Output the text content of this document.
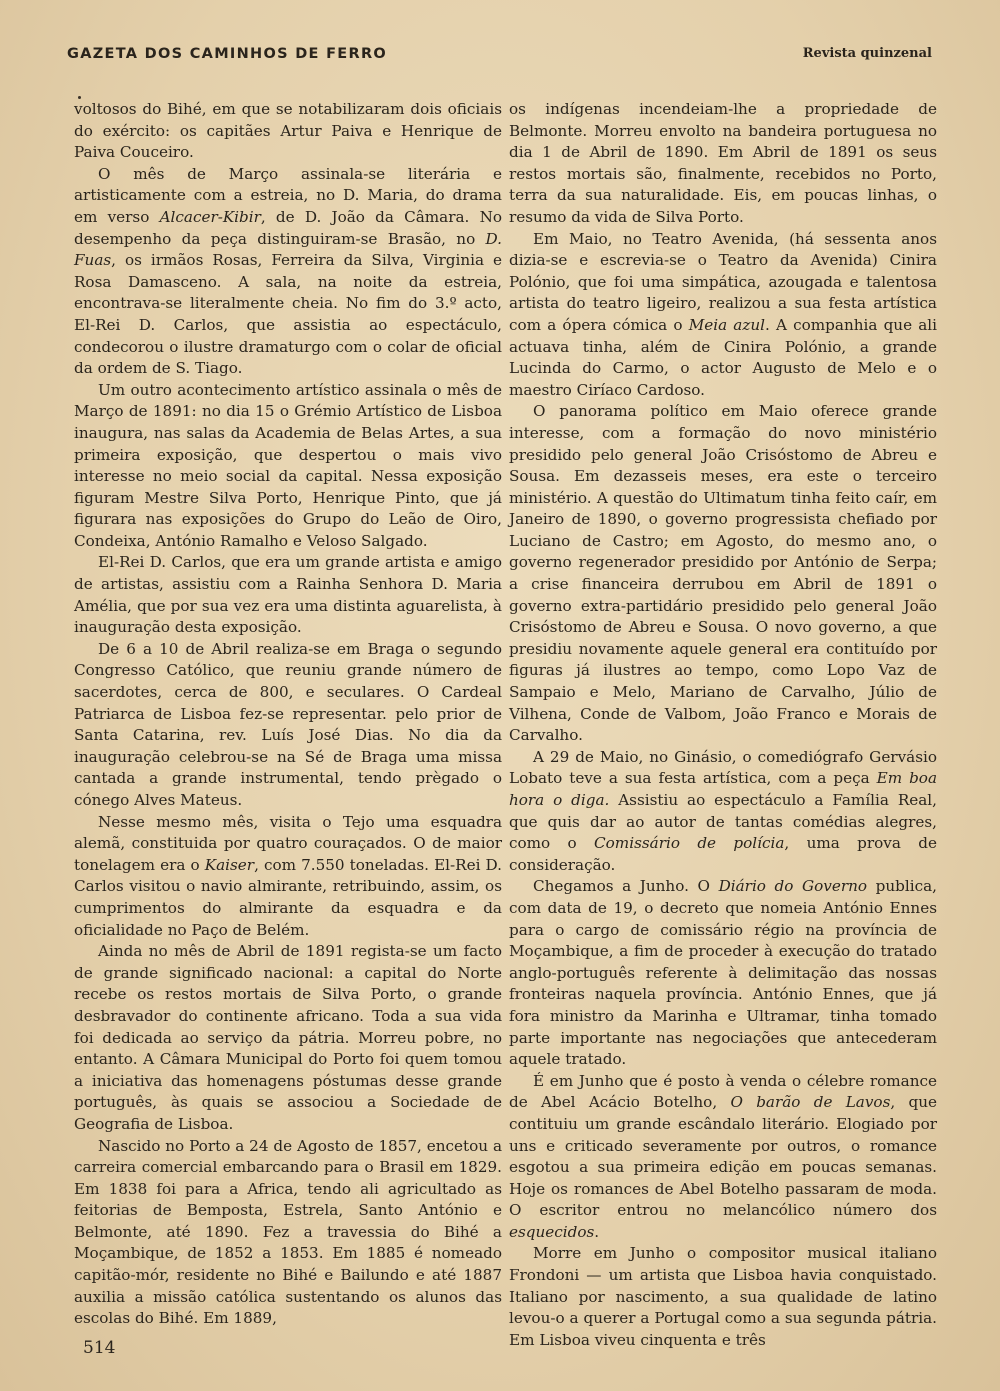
GAZETA DOS CAMINHOS DE FERRO	Revista quinzenal

voltosos do Bihé, em que se notabilizaram dois oficiais do exército: os capitães Artur Paiva e Henrique de Paiva Couceiro.

O mês de Março assinala-se literária e artisticamente com a estreia, no D. Maria, do drama em verso Alcacer-Kibir, de D. João da Câmara. No desempenho da peça distinguiram-se Brasão, no D. Fuas, os irmãos Rosas, Ferreira da Silva, Virginia e Rosa Damasceno. A sala, na noite da estreia, encontrava-se literalmente cheia. No fim do 3.º acto, El-Rei D. Carlos, que assistia ao espectáculo, condecorou o ilustre dramaturgo com o colar de oficial da ordem de S. Tiago.

Um outro acontecimento artístico assinala o mês de Março de 1891: no dia 15 o Grémio Artístico de Lisboa inaugura, nas salas da Academia de Belas Artes, a sua primeira exposição, que despertou o mais vivo interesse no meio social da capital. Nessa exposição figuram Mestre Silva Porto, Henrique Pinto, que já figurara nas exposições do Grupo do Leão de Oiro, Condeixa, António Ramalho e Veloso Salgado.

El-Rei D. Carlos, que era um grande artista e amigo de artistas, assistiu com a Rainha Senhora D. Maria Amélia, que por sua vez era uma distinta aguarelista, à inauguração desta exposição.

De 6 a 10 de Abril realiza-se em Braga o segundo Congresso Católico, que reuniu grande número de sacerdotes, cerca de 800, e seculares. O Cardeal Patriarca de Lisboa fez-se representar. pelo prior de Santa Catarina, rev. Luís José Dias. No dia da inauguração celebrou-se na Sé de Braga uma missa cantada a grande instrumental, tendo prègado o cónego Alves Mateus.

Nesse mesmo mês, visita o Tejo uma esquadra alemã, constituida por quatro couraçados. O de maior tonelagem era o Kaiser, com 7.550 toneladas. El-Rei D. Carlos visitou o navio almirante, retribuindo, assim, os cumprimentos do almirante da esquadra e da oficialidade no Paço de Belém.

Ainda no mês de Abril de 1891 regista-se um facto de grande significado nacional: a capital do Norte recebe os restos mortais de Silva Porto, o grande desbravador do continente africano. Toda a sua vida foi dedicada ao serviço da pátria. Morreu pobre, no entanto. A Câmara Municipal do Porto foi quem tomou a iniciativa das homenagens póstumas desse grande português, às quais se associou a Sociedade de Geografia de Lisboa.

Nascido no Porto a 24 de Agosto de 1857, encetou a carreira comercial embarcando para o Brasil em 1829. Em 1838 foi para a Africa, tendo ali agricultado as feitorias de Bemposta, Estrela, Santo António e Belmonte, até 1890. Fez a travessia do Bihé a Moçambique, de 1852 a 1853. Em 1885 é nomeado capitão-mór, residente no Bihé e Bailundo e até 1887 auxilia a missão católica sustentando os alunos das escolas do Bihé. Em 1889,

os indígenas incendeiam-lhe a propriedade de Belmonte. Morreu envolto na bandeira portuguesa no dia 1 de Abril de 1890. Em Abril de 1891 os seus restos mortais são, finalmente, recebidos no Porto, terra da sua naturalidade. Eis, em poucas linhas, o resumo da vida de Silva Porto.

Em Maio, no Teatro Avenida, (há sessenta anos dizia-se e escrevia-se o Teatro da Avenida) Cinira Polónio, que foi uma simpática, azougada e talentosa artista do teatro ligeiro, realizou a sua festa artística com a ópera cómica o Meia azul. A companhia que ali actuava tinha, além de Cinira Polónio, a grande Lucinda do Carmo, o actor Augusto de Melo e o maestro Ciríaco Cardoso.

O panorama político em Maio oferece grande interesse, com a formação do novo ministério presidido pelo general João Crisóstomo de Abreu e Sousa. Em dezasseis meses, era este o terceiro ministério. A questão do Ultimatum tinha feito caír, em Janeiro de 1890, o governo progressista chefiado por Luciano de Castro; em Agosto, do mesmo ano, o governo regenerador presidido por António de Serpa; a crise financeira derrubou em Abril de 1891 o governo extra-partidário presidido pelo general João Crisóstomo de Abreu e Sousa. O novo governo, a que presidiu novamente aquele general era contituído por figuras já ilustres ao tempo, como Lopo Vaz de Sampaio e Melo, Mariano de Carvalho, Júlio de Vilhena, Conde de Valbom, João Franco e Morais de Carvalho.

A 29 de Maio, no Ginásio, o comediógrafo Gervásio Lobato teve a sua festa artística, com a peça Em boa hora o diga. Assistiu ao espectáculo a Família Real, que quis dar ao autor de tantas comédias alegres, como o Comissário de polícia, uma prova de consideração.

Chegamos a Junho. O Diário do Governo publica, com data de 19, o decreto que nomeia António Ennes para o cargo de comissário régio na província de Moçambique, a fim de proceder à execução do tratado anglo-português referente à delimitação das nossas fronteiras naquela província. António Ennes, que já fora ministro da Marinha e Ultramar, tinha tomado parte importante nas negociações que antecederam aquele tratado.

É em Junho que é posto à venda o célebre romance de Abel Acácio Botelho, O barão de Lavos, que contituiu um grande escândalo literário. Elogiado por uns e criticado severamente por outros, o romance esgotou a sua primeira edição em poucas semanas. Hoje os romances de Abel Botelho passaram de moda. O escritor entrou no melancólico número dos esquecidos.

Morre em Junho o compositor musical italiano Frondoni — um artista que Lisboa havia conquistado. Italiano por nascimento, a sua qualidade de latino levou-o a querer a Portugal como a sua segunda pátria. Em Lisboa viveu cinquenta e três

514
